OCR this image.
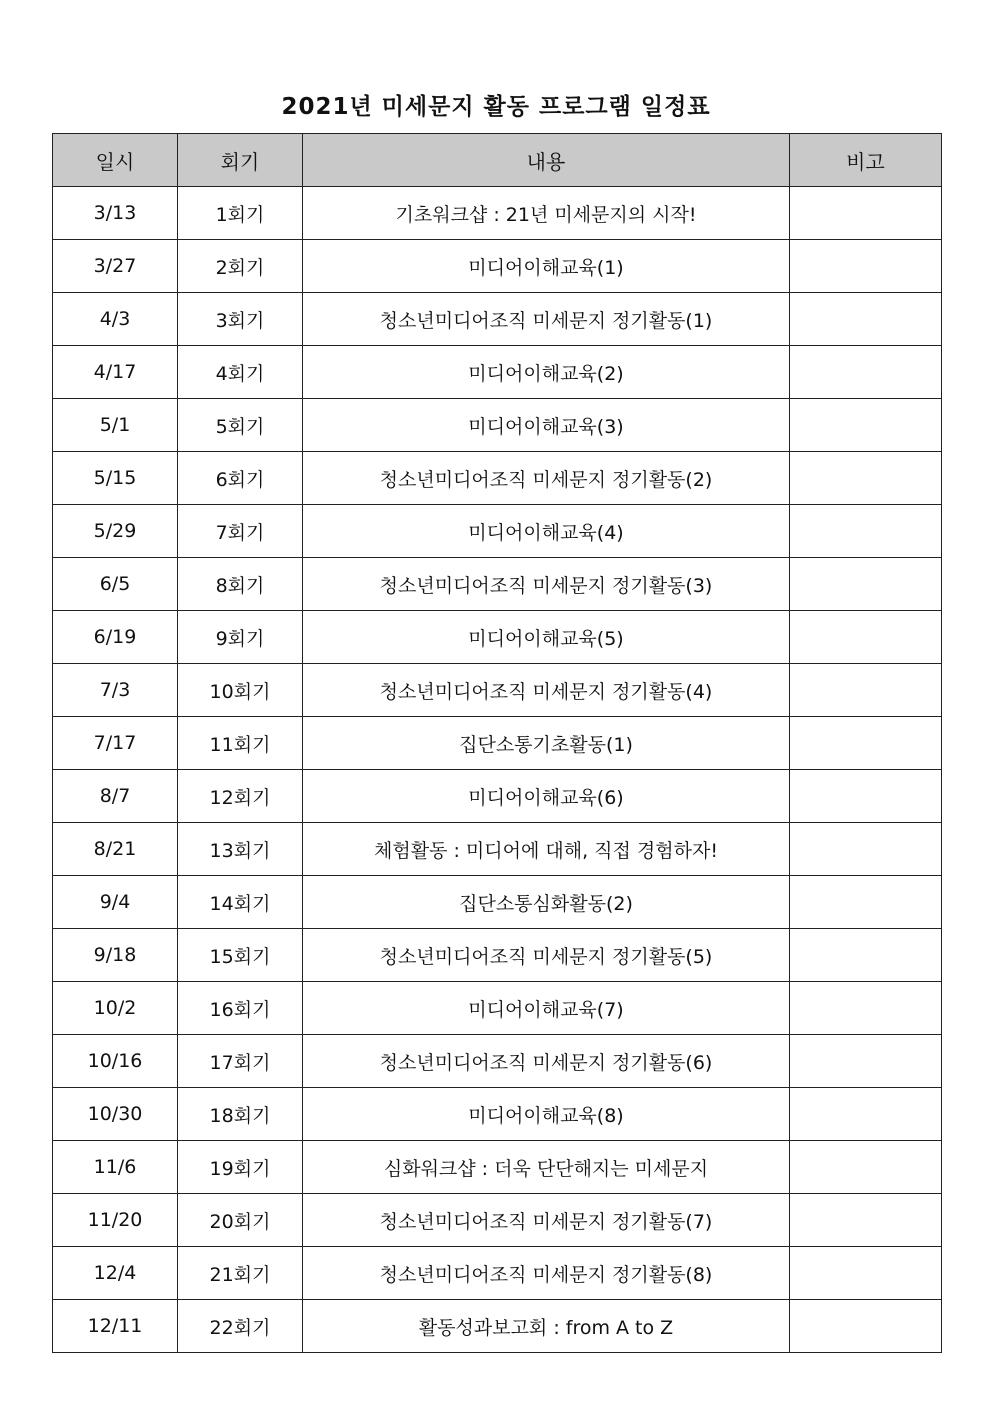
2021년 미세문지 활동 프로그램 일정표
일시	회기	내용	비고
3/13	1회기	기초워크샵 : 21년 미세문지의 시작!	
3/27	2회기	미디어이해교육(1)	
4/3	3회기	청소년미디어조직 미세문지 정기활동(1)	
4/17	4회기	미디어이해교육(2)	
5/1	5회기	미디어이해교육(3)	
5/15	6회기	청소년미디어조직 미세문지 정기활동(2)	
5/29	7회기	미디어이해교육(4)	
6/5	8회기	청소년미디어조직 미세문지 정기활동(3)	
6/19	9회기	미디어이해교육(5)	
7/3	10회기	청소년미디어조직 미세문지 정기활동(4)	
7/17	11회기	집단소통기초활동(1)	
8/7	12회기	미디어이해교육(6)	
8/21	13회기	체험활동 : 미디어에 대해, 직접 경험하자!	
9/4	14회기	집단소통심화활동(2)	
9/18	15회기	청소년미디어조직 미세문지 정기활동(5)	
10/2	16회기	미디어이해교육(7)	
10/16	17회기	청소년미디어조직 미세문지 정기활동(6)	
10/30	18회기	미디어이해교육(8)	
11/6	19회기	심화워크샵 : 더욱 단단해지는 미세문지	
11/20	20회기	청소년미디어조직 미세문지 정기활동(7)	
12/4	21회기	청소년미디어조직 미세문지 정기활동(8)	
12/11	22회기	활동성과보고회 : from A to Z	
